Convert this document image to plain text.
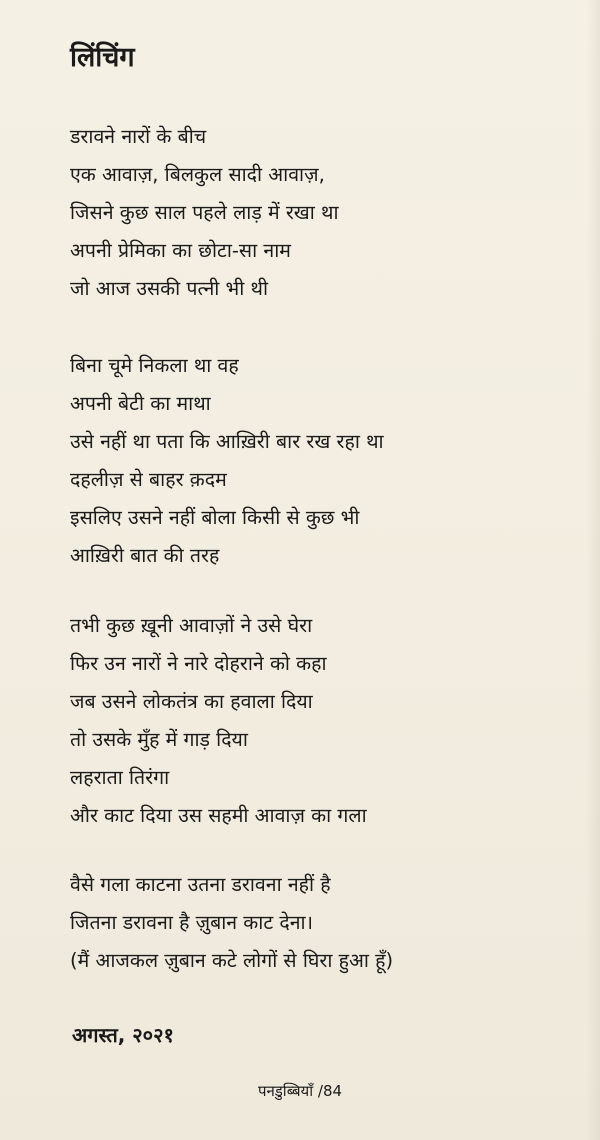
लिंचिंग
डरावने नारों के बीच
एक आवाज़, बिलकुल सादी आवाज़,
जिसने कुछ साल पहले लाड़ में रखा था
अपनी प्रेमिका का छोटा-सा नाम
जो आज उसकी पत्नी भी थी
बिना चूमे निकला था वह
अपनी बेटी का माथा
उसे नहीं था पता कि आख़िरी बार रख रहा था
दहलीज़ से बाहर क़दम
इसलिए उसने नहीं बोला किसी से कुछ भी
आख़िरी बात की तरह
तभी कुछ ख़ूनी आवाज़ों ने उसे घेरा
फिर उन नारों ने नारे दोहराने को कहा
जब उसने लोकतंत्र का हवाला दिया
तो उसके मुँह में गाड़ दिया
लहराता तिरंगा
और काट दिया उस सहमी आवाज़ का गला
वैसे गला काटना उतना डरावना नहीं है
जितना डरावना है ज़ुबान काट देना।
(मैं आजकल ज़ुबान कटे लोगों से घिरा हुआ हूँ)
अगस्त, २०२१
पनडुब्बियाँ /84
